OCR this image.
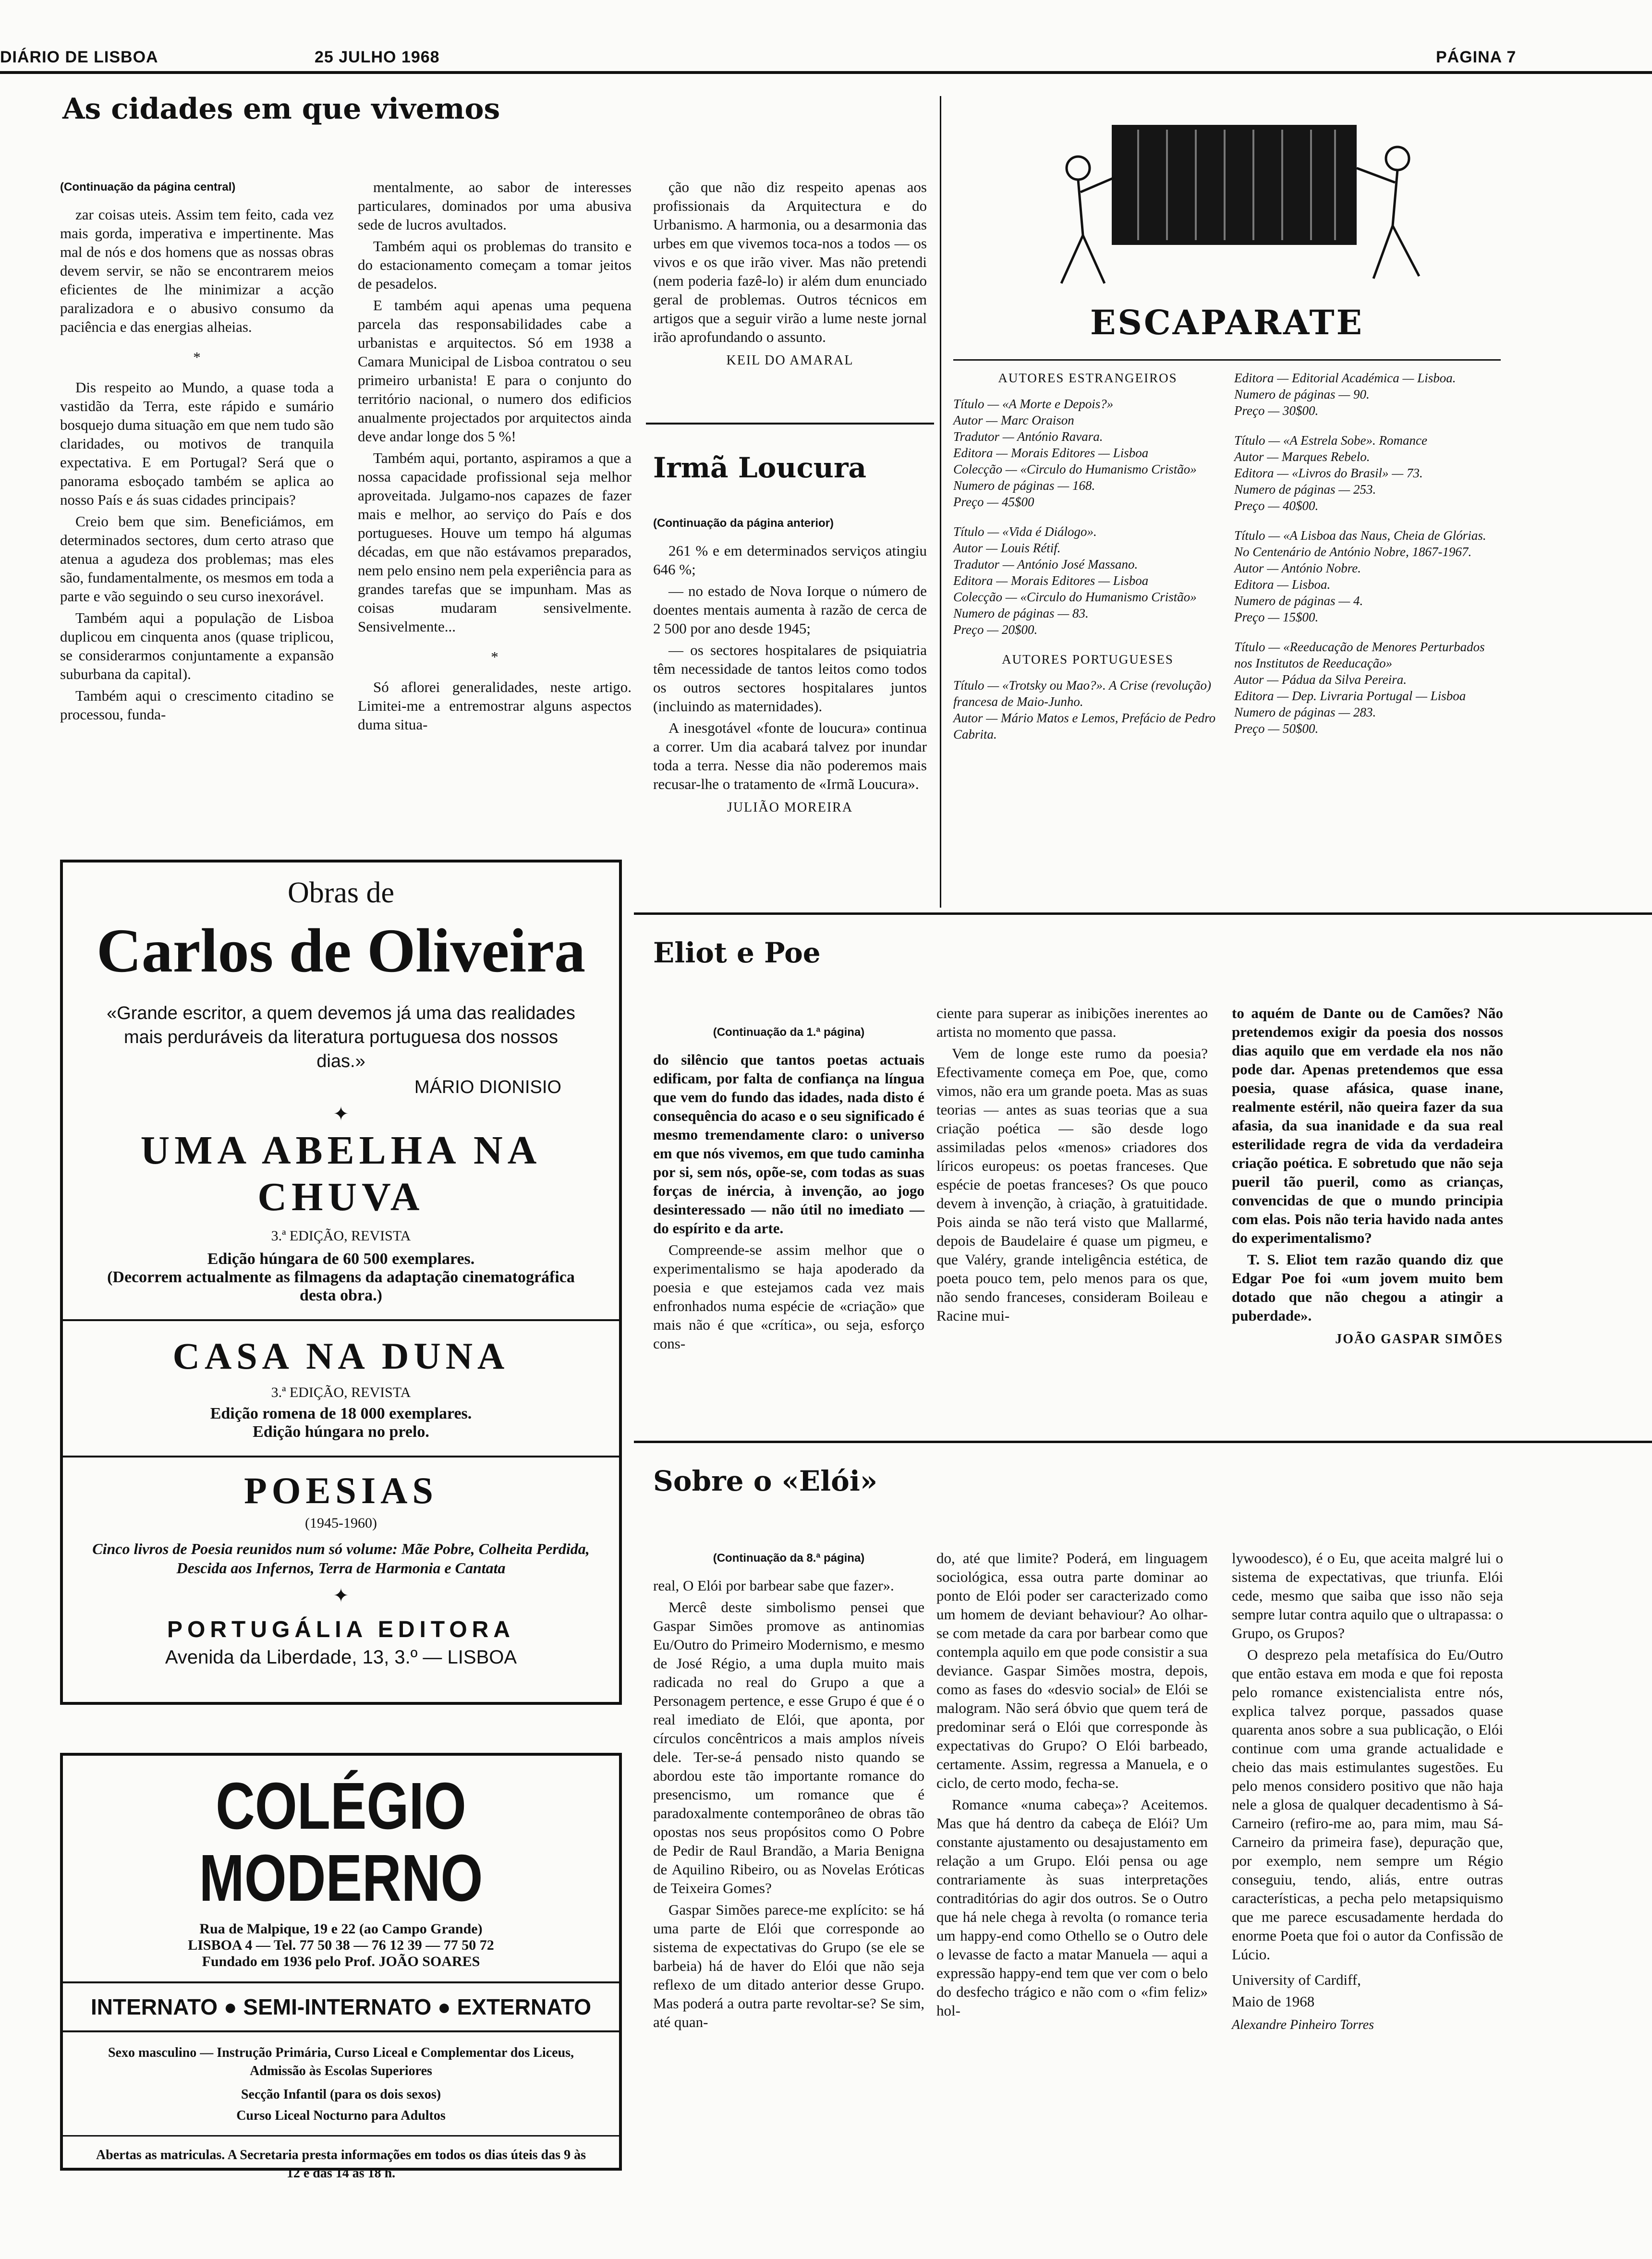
DIÁRIO DE LISBOA	25 JULHO 1968	PÁGINA 7
As cidades em que vivemos

(Continuação da página central)

zar coisas uteis. Assim tem feito, cada vez mais gorda, imperativa e impertinente. Mas mal de nós e dos homens que as nossas obras devem servir, se não se encontrarem meios eficientes de lhe minimizar a acção paralizadora e o abusivo consumo da paciência e das energias alheias.

*

Dis respeito ao Mundo, a quase toda a vastidão da Terra, este rápido e sumário bosquejo duma situação em que nem tudo são claridades, ou motivos de tranquila expectativa. E em Portugal? Será que o panorama esboçado também se aplica ao nosso País e ás suas cidades principais?

Creio bem que sim. Beneficiámos, em determinados sectores, dum certo atraso que atenua a agudeza dos problemas; mas eles são, fundamentalmente, os mesmos em toda a parte e vão seguindo o seu curso inexorável.

Também aqui a população de Lisboa duplicou em cinquenta anos (quase triplicou, se considerarmos conjuntamente a expansão suburbana da capital).

Também aqui o crescimento citadino se processou, funda-

mentalmente, ao sabor de interesses particulares, dominados por uma abusiva sede de lucros avultados.

Também aqui os problemas do transito e do estacionamento começam a tomar jeitos de pesadelos.

E também aqui apenas uma pequena parcela das responsabilidades cabe a urbanistas e arquitectos. Só em 1938 a Camara Municipal de Lisboa contratou o seu primeiro urbanista! E para o conjunto do território nacional, o numero dos edificios anualmente projectados por arquitectos ainda deve andar longe dos 5 %!

Também aqui, portanto, aspiramos a que a nossa capacidade profissional seja melhor aproveitada. Julgamo-nos capazes de fazer mais e melhor, ao serviço do País e dos portugueses. Houve um tempo há algumas décadas, em que não estávamos preparados, nem pelo ensino nem pela experiência para as grandes tarefas que se impunham. Mas as coisas mudaram sensivelmente. Sensivelmente...

*

Só aflorei generalidades, neste artigo. Limitei-me a entremostrar alguns aspectos duma situa-

ção que não diz respeito apenas aos profissionais da Arquitectura e do Urbanismo. A harmonia, ou a desarmonia das urbes em que vivemos toca-nos a todos — os vivos e os que irão viver. Mas não pretendi (nem poderia fazê-lo) ir além dum enunciado geral de problemas. Outros técnicos em artigos que a seguir virão a lume neste jornal irão aprofundando o assunto.

KEIL DO AMARAL

Irmã Loucura

(Continuação da página anterior)

261 % e em determinados serviços atingiu 646 %;

— no estado de Nova Iorque o número de doentes mentais aumenta à razão de cerca de 2 500 por ano desde 1945;

— os sectores hospitalares de psiquiatria têm necessidade de tantos leitos como todos os outros sectores hospitalares juntos (incluindo as maternidades).

A inesgotável «fonte de loucura» continua a correr. Um dia acabará talvez por inundar toda a terra. Nesse dia não poderemos mais recusar-lhe o tratamento de «Irmã Loucura».

JULIÃO MOREIRA

ESCAPARATE

AUTORES ESTRANGEIROS

Título — «A Morte e Depois?»

Autor — Marc Oraison

Tradutor — António Ravara.

Editora — Morais Editores — Lisboa

Colecção — «Circulo do Humanismo Cristão»

Numero de páginas — 168.

Preço — 45$00

Título — «Vida é Diálogo».

Autor — Louis Rétif.

Tradutor — António José Massano.

Editora — Morais Editores — Lisboa

Colecção — «Circulo do Humanismo Cristão»

Numero de páginas — 83.

Preço — 20$00.

AUTORES PORTUGUESES

Título — «Trotsky ou Mao?». A Crise (revolução) francesa de Maio-Junho.

Autor — Mário Matos e Lemos, Prefácio de Pedro Cabrita.

Editora — Editorial Académica — Lisboa.

Numero de páginas — 90.

Preço — 30$00.

Título — «A Estrela Sobe». Romance

Autor — Marques Rebelo.

Editora — «Livros do Brasil» — 73.

Numero de páginas — 253.

Preço — 40$00.

Título — «A Lisboa das Naus, Cheia de Glórias. No Centenário de António Nobre, 1867-1967.

Autor — António Nobre.

Editora — Lisboa.

Numero de páginas — 4.

Preço — 15$00.

Título — «Reeducação de Menores Perturbados nos Institutos de Reeducação»

Autor — Pádua da Silva Pereira.

Editora — Dep. Livraria Portugal — Lisboa

Numero de páginas — 283.

Preço — 50$00.

Obras de
Carlos de Oliveira
«Grande escritor, a quem devemos já uma das realidades mais perduráveis da literatura portuguesa dos nossos dias.»
MÁRIO DIONISIO
✦
UMA ABELHA NA CHUVA
3.ª EDIÇÃO, REVISTA
Edição húngara de 60 500 exemplares.
(Decorrem actualmente as filmagens da adaptação cinematográfica desta obra.)
CASA NA DUNA
3.ª EDIÇÃO, REVISTA
Edição romena de 18 000 exemplares.
Edição húngara no prelo.
POESIAS
(1945-1960)
Cinco livros de Poesia reunidos num só volume: Mãe Pobre, Colheita Perdida, Descida aos Infernos, Terra de Harmonia e Cantata
✦
PORTUGÁLIA EDITORA
Avenida da Liberdade, 13, 3.º — LISBOA
COLÉGIO MODERNO
Rua de Malpique, 19 e 22 (ao Campo Grande)
LISBOA 4 — Tel. 77 50 38 — 76 12 39 — 77 50 72
Fundado em 1936 pelo Prof. JOÃO SOARES
INTERNATO ● SEMI-INTERNATO ● EXTERNATO
Sexo masculino — Instrução Primária, Curso Liceal e Complementar dos Liceus, Admissão às Escolas Superiores
Secção Infantil (para os dois sexos)
Curso Liceal Nocturno para Adultos
Abertas as matriculas. A Secretaria presta informações em todos os dias úteis das 9 às 12 e das 14 às 18 h.
Eliot e Poe

(Continuação da 1.ª página)

do silêncio que tantos poetas actuais edificam, por falta de confiança na língua que vem do fundo das idades, nada disto é consequência do acaso e o seu significado é mesmo tremendamente claro: o universo em que nós vivemos, em que tudo caminha por si, sem nós, opõe-se, com todas as suas forças de inércia, à invenção, ao jogo desinteressado — não útil no imediato — do espírito e da arte.

Compreende-se assim melhor que o experimentalismo se haja apoderado da poesia e que estejamos cada vez mais enfronhados numa espécie de «criação» que mais não é que «crítica», ou seja, esforço cons-

ciente para superar as inibições inerentes ao artista no momento que passa.

Vem de longe este rumo da poesia? Efectivamente começa em Poe, que, como vimos, não era um grande poeta. Mas as suas teorias — antes as suas teorias que a sua criação poética — são desde logo assimiladas pelos «menos» criadores dos líricos europeus: os poetas franceses. Que espécie de poetas franceses? Os que pouco devem à invenção, à criação, à gratuitidade. Pois ainda se não terá visto que Mallarmé, depois de Baudelaire é quase um pigmeu, e que Valéry, grande inteligência estética, de poeta pouco tem, pelo menos para os que, não sendo franceses, consideram Boileau e Racine mui-

to aquém de Dante ou de Camões? Não pretendemos exigir da poesia dos nossos dias aquilo que em verdade ela nos não pode dar. Apenas pretendemos que essa poesia, quase afásica, quase inane, realmente estéril, não queira fazer da sua afasia, da sua inanidade e da sua real esterilidade regra de vida da verdadeira criação poética. E sobretudo que não seja pueril tão pueril, como as crianças, convencidas de que o mundo principia com elas. Pois não teria havido nada antes do experimentalismo?

T. S. Eliot tem razão quando diz que Edgar Poe foi «um jovem muito bem dotado que não chegou a atingir a puberdade».

JOÃO GASPAR SIMÕES

Sobre o «Elói»

(Continuação da 8.ª página)

real, O Elói por barbear sabe que fazer».

Mercê deste simbolismo pensei que Gaspar Simões promove as antinomias Eu/Outro do Primeiro Modernismo, e mesmo de José Régio, a uma dupla muito mais radicada no real do Grupo a que a Personagem pertence, e esse Grupo é que é o real imediato de Elói, que aponta, por círculos concêntricos a mais amplos níveis dele. Ter-se-á pensado nisto quando se abordou este tão importante romance do presencismo, um romance que é paradoxalmente contemporâneo de obras tão opostas nos seus propósitos como O Pobre de Pedir de Raul Brandão, a Maria Benigna de Aquilino Ribeiro, ou as Novelas Eróticas de Teixeira Gomes?

Gaspar Simões parece-me explícito: se há uma parte de Elói que corresponde ao sistema de expectativas do Grupo (se ele se barbeia) há de haver do Elói que não seja reflexo de um ditado anterior desse Grupo. Mas poderá a outra parte revoltar-se? Se sim, até quan-

do, até que limite? Poderá, em linguagem sociológica, essa outra parte dominar ao ponto de Elói poder ser caracterizado como um homem de deviant behaviour? Ao olhar-se com metade da cara por barbear como que contempla aquilo em que pode consistir a sua deviance. Gaspar Simões mostra, depois, como as fases do «desvio social» de Elói se malogram. Não será óbvio que quem terá de predominar será o Elói que corresponde às expectativas do Grupo? O Elói barbeado, certamente. Assim, regressa a Manuela, e o ciclo, de certo modo, fecha-se.

Romance «numa cabeça»? Aceitemos. Mas que há dentro da cabeça de Elói? Um constante ajustamento ou desajustamento em relação a um Grupo. Elói pensa ou age contrariamente às suas interpretações contraditórias do agir dos outros. Se o Outro que há nele chega à revolta (o romance teria um happy-end como Othello se o Outro dele o levasse de facto a matar Manuela — aqui a expressão happy-end tem que ver com o belo do desfecho trágico e não com o «fim feliz» hol-

lywoodesco), é o Eu, que aceita malgré lui o sistema de expectativas, que triunfa. Elói cede, mesmo que saiba que isso não seja sempre lutar contra aquilo que o ultrapassa: o Grupo, os Grupos?

O desprezo pela metafísica do Eu/Outro que então estava em moda e que foi reposta pelo romance existencialista entre nós, explica talvez porque, passados quase quarenta anos sobre a sua publicação, o Elói continue com uma grande actualidade e cheio das mais estimulantes sugestões. Eu pelo menos considero positivo que não haja nele a glosa de qualquer decadentismo à Sá-Carneiro (refiro-me ao, para mim, mau Sá-Carneiro da primeira fase), depuração que, por exemplo, nem sempre um Régio conseguiu, tendo, aliás, entre outras características, a pecha pelo metapsiquismo que me parece escusadamente herdada do enorme Poeta que foi o autor da Confissão de Lúcio.

University of Cardiff,

Maio de 1968

Alexandre Pinheiro Torres
